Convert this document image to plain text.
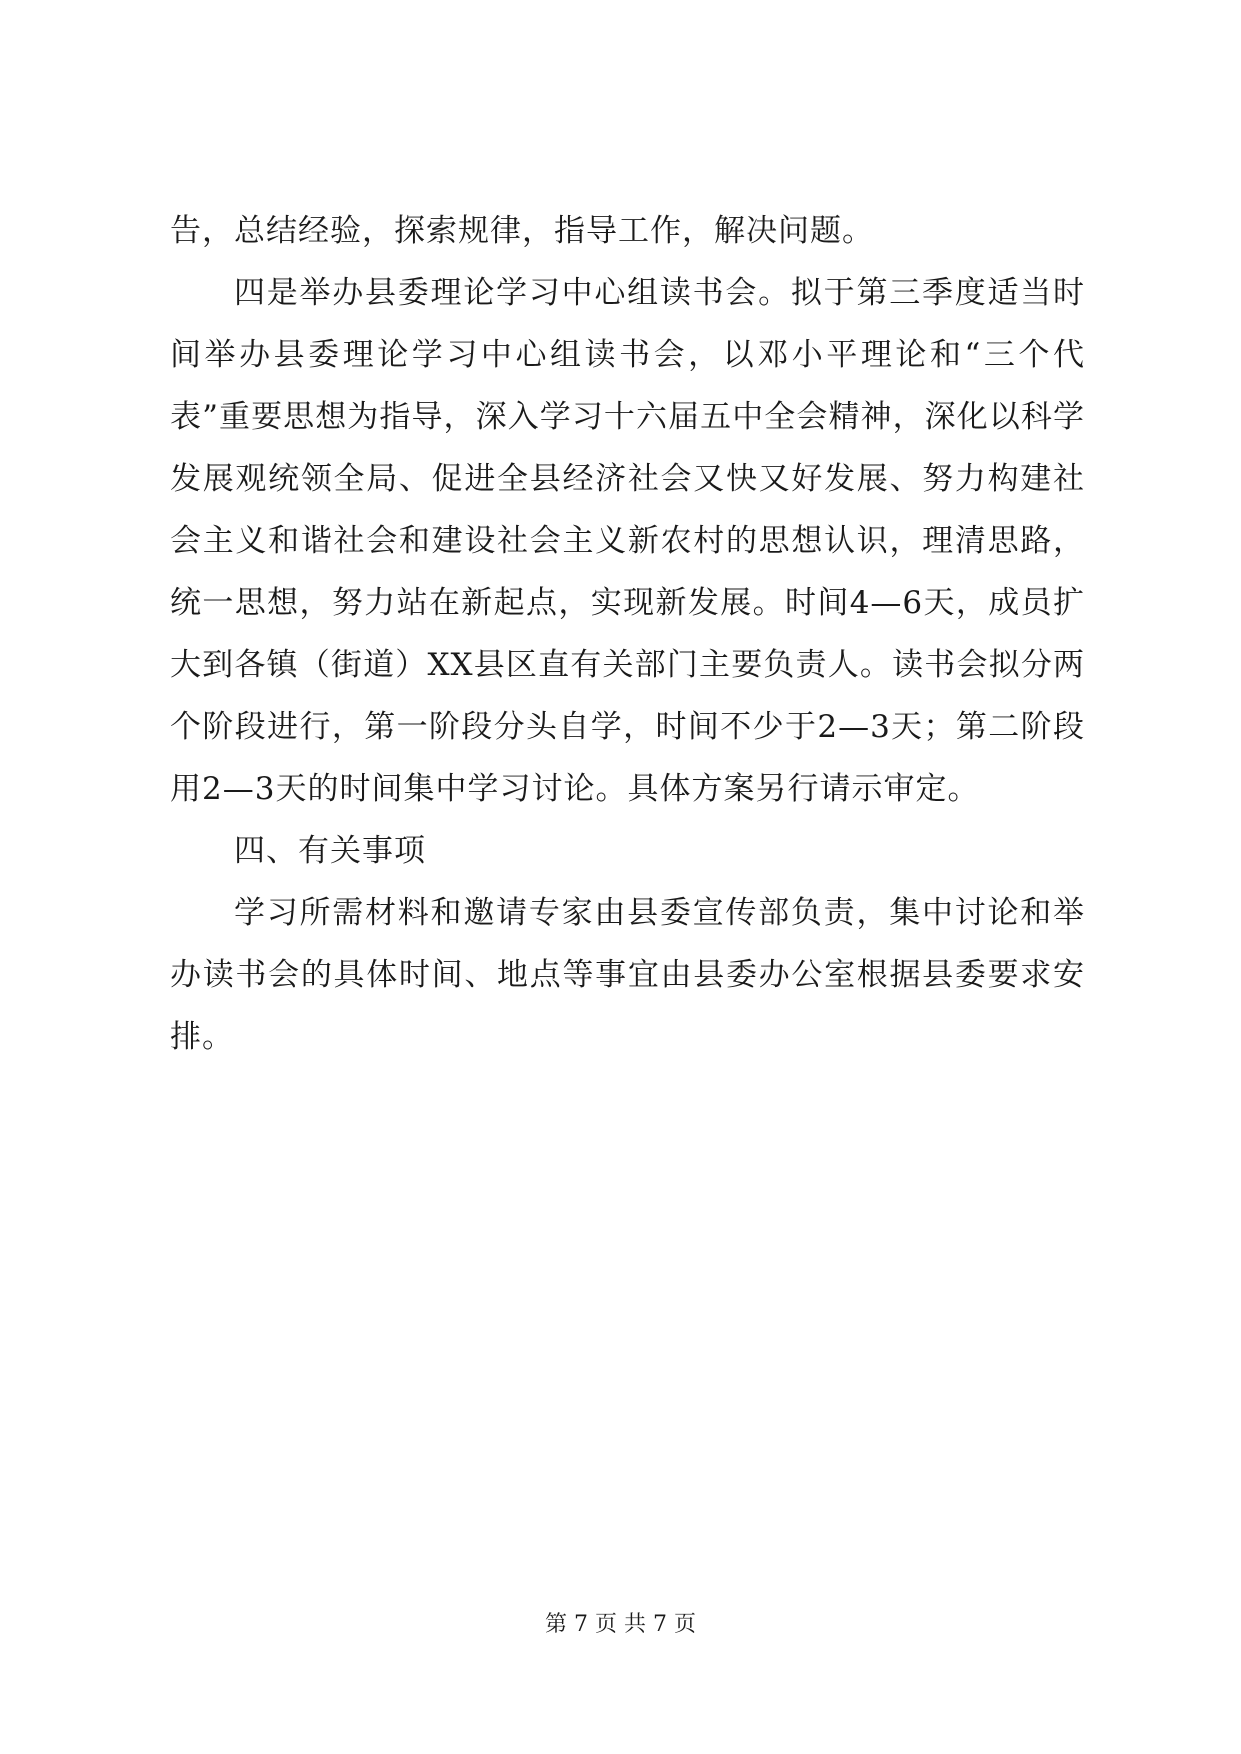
告，总结经验，探索规律，指导工作，解决问题。

四是举办县委理论学习中心组读书会。拟于第三季度适当时间举办县委理论学习中心组读书会，以邓小平理论和“三个代表”重要思想为指导，深入学习十六届五中全会精神，深化以科学发展观统领全局、促进全县经济社会又快又好发展、努力构建社会主义和谐社会和建设社会主义新农村的思想认识，理清思路，统一思想，努力站在新起点，实现新发展。时间4—6天，成员扩大到各镇（街道）XX县区直有关部门主要负责人。读书会拟分两个阶段进行，第一阶段分头自学，时间不少于2—3天；第二阶段用2—3天的时间集中学习讨论。具体方案另行请示审定。

四、有关事项

学习所需材料和邀请专家由县委宣传部负责，集中讨论和举办读书会的具体时间、地点等事宜由县委办公室根据县委要求安排。

第 7 页 共 7 页
